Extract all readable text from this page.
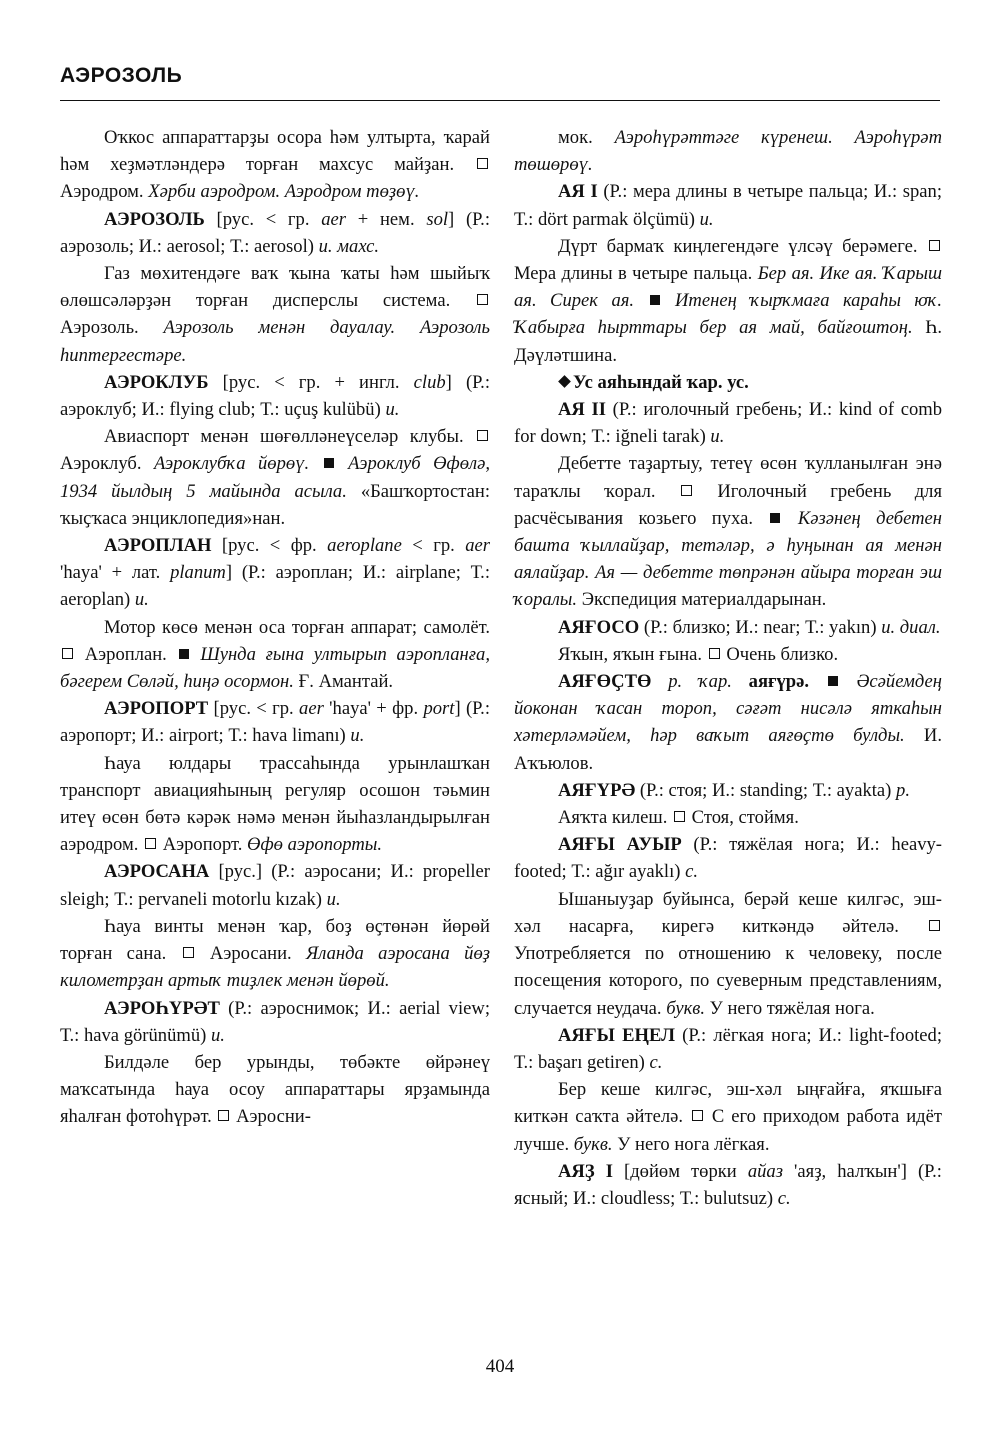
АЭРОЗОЛЬ

Оҡкос аппараттарҙы осора һәм ултырта, ҡарай һәм хеҙмәтләндерә торған махсус майҙан.  Аэродром. Хәрби аэродром. Аэродром төҙөү.

АЭРОЗОЛЬ [рус. < гр. aer + нем. sol] (Р.: аэрозоль; И.: aerosol; Т.: aerosol) и. махс.

Газ мөхитендәге ваҡ ҡына ҡаты һәм шыйыҡ өлөшсәләрҙән торған дисперслы система.  Аэрозоль. Аэрозоль менән дауалау. Аэрозоль һиптергестәре.

АЭРОКЛУБ [рус. < гр. + ингл. club] (Р.: аэроклуб; И.: flying club; Т.: uçuş kulübü) и.

Авиаспорт менән шөғөлләнеүселәр клубы.  Аэроклуб. Аэроклубҡа йөрөү. Аэроклуб Өфөлә, 1934 йылдың 5 майында асыла. «Башҡортостан: ҡыҫҡаса энциклопедия»нан.

АЭРОПЛАН [рус. < фр. aeroplane < гр. aer 'haya' + лат. planum] (Р.: аэроплан; И.: airplane; Т.: aeroplan) и.

Мотор көсө менән оса торған аппарат; самолёт.  Аэроплан.  Шунда ғына ултырып аэропланға, бәгерем Сөләй, һиңә осормон. Ғ. Амантай.

АЭРОПОРТ [рус. < гр. aer 'haya' + фр. port] (Р.: аэропорт; И.: airport; Т.: hava limanı) и.

Һауа юлдары трассаһында урынлашҡан транспорт авиацияһының регуляр осошон тәьмин итеү өсөн бөтә кәрәк нәмә менән йыһазландырылған аэродром.  Аэропорт. Өфө аэропорты.

АЭРОСАНА [рус.] (Р.: аэросани; И.: propeller sleigh; Т.: pervaneli motorlu kızak) и.

Һауа винты менән ҡар, боҙ өҫтөнән йөрөй торған сана.  Аэросани. Яланда аэросана йөҙ километрҙан артыҡ тиҙлек менән йөрөй.

АЭРОҺҮРӘТ (Р.: аэроснимок; И.: aerial view; Т.: hava görünümü) и.

Билдәле бер урынды, төбәкте өйрәнеү маҡсатында һауа осоу аппараттары ярҙамында яһалған фотоһүрәт.  Аэросни-

мок. Аэроһүрәттәге күренеш. Аэроһүрәт төшөрөү.

АЯ I (Р.: мера длины в четыре пальца; И.: span; Т.: dört parmak ölçümü) и.

Дүрт бармаҡ киңлегендәге үлсәү берәмеге.  Мера длины в четыре пальца. Бер ая. Ике ая. Ҡарыш ая. Сирек ая. Итенең ҡырҡмаға караһы юҡ. Ҡабырға һырттары бер ая май, байғоштоң. Һ. Дәүләтшина.

Ус аяһындай ҡар. ус.

АЯ II (Р.: иголочный гребень; И.: kind of comb for down; Т.: iğneli tarak) и.

Дебетте таҙартыу, тетеү өсөн ҡулланылған энә тараҡлы ҡорал.  Иголочный гребень для расчёсывания козьего пуха.  Кәзәнең дебетен башта ҡыллайҙар, тетәләр, ә һуңынан ая менән аялайҙар. Ая — дебетте төпрәнән айыра торған эш ҡоралы. Экспедиция материалдарынан.

АЯҒОСО (Р.: близко; И.: near; Т.: yakın) и. диал.

Яҡын, яҡын ғына.  Очень близко.

АЯҒӨҪТӨ р. ҡар. аяғүрә.	Әсәйемдең йоконан ҡасан тороп, сәғәт нисәлә яткаһын хәтерләмәйем, һәр ваҡыт аяғөҫтө булды. И. Аҡъюлов.

АЯҒҮРӘ (Р.: стоя; И.: standing; Т.: ayakta) р.

Аяҡта килеш.  Стоя, стоймя.

АЯҒЫ АУЫР (Р.: тяжёлая нога; И.: heavy-footed; Т.: ağır ayaklı) с.

Ышаныуҙар буйынса, берәй кеше килгәс, эш-хәл насарға, кирегә киткәндә әйтелә.  Употребляется по отношению к человеку, после посещения которого, по суеверным представлениям, случается неудача. букв. У него тяжёлая нога.

АЯҒЫ ЕҢЕЛ (Р.: лёгкая нога; И.: light-footed; Т.: başarı getiren) с.

Бер кеше килгәс, эш-хәл ыңғайға, яҡшыға киткән саҡта әйтелә.  С его приходом работа идёт лучше. букв. У него нога лёгкая.

АЯҘ I [дөйөм төрки айаз 'аяҙ, һалҡын'] (Р.: ясный; И.: cloudless; Т.: bulutsuz) с.

404
